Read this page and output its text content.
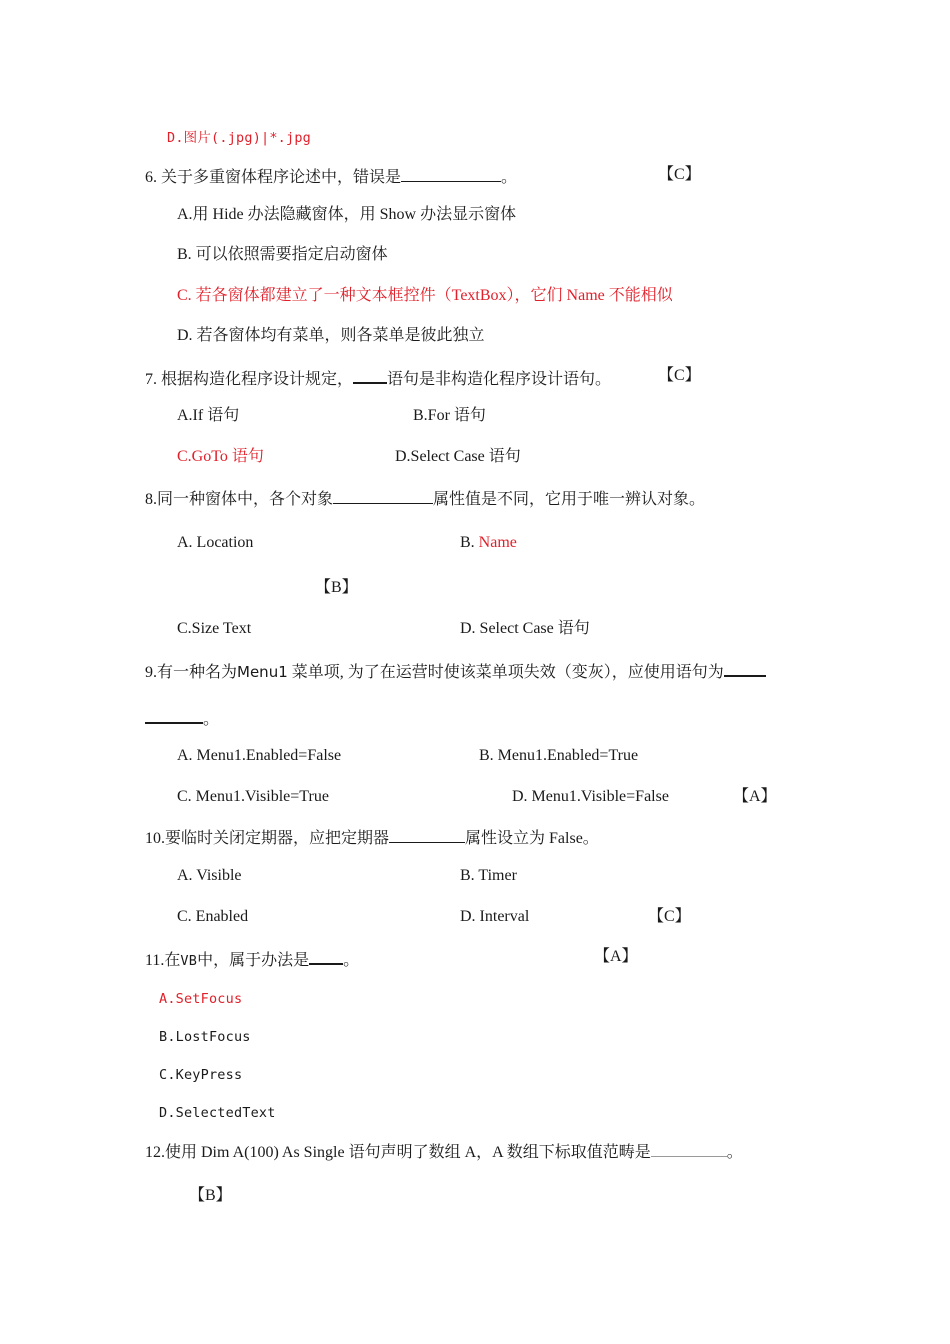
D.图片(.jpg)|*.jpg
6. 关于多重窗体程序论述中，错误是	。	【C】
A.用 Hide 办法隐藏窗体，用 Show 办法显示窗体
B. 可以依照需要指定启动窗体
C. 若各窗体都建立了一种文本框控件（TextBox），它们 Name 不能相似
D. 若各窗体均有菜单，则各菜单是彼此独立
7. 根据构造化程序设计规定， 语句是非构造化程序设计语句。	【C】
A.If 语句	B.For 语句
C.GoTo 语句	D.Select Case 语句
8.同一种窗体中，各个对象	属性值是不同，它用于唯一辨认对象。
A. Location	B. Name
【B】
C.Size Text	D. Select Case 语句
9.有一种名为Menu1 菜单项, 为了在运营时使该菜单项失效（变灰），应使用语句为
。
A. Menu1.Enabled=False	B. Menu1.Enabled=True
C. Menu1.Visible=True	D. Menu1.Visible=False	【A】
10.要临时关闭定期器，应把定期器	属性设立为 False。
A. Visible	B. Timer
C. Enabled	D. Interval	【C】
11.在VB中，属于办法是 。	【A】
A.SetFocus
B.LostFocus
C.KeyPress
D.SelectedText
12.使用 Dim A(100) As Single 语句声明了数组 A，A 数组下标取值范畴是	。
【B】
